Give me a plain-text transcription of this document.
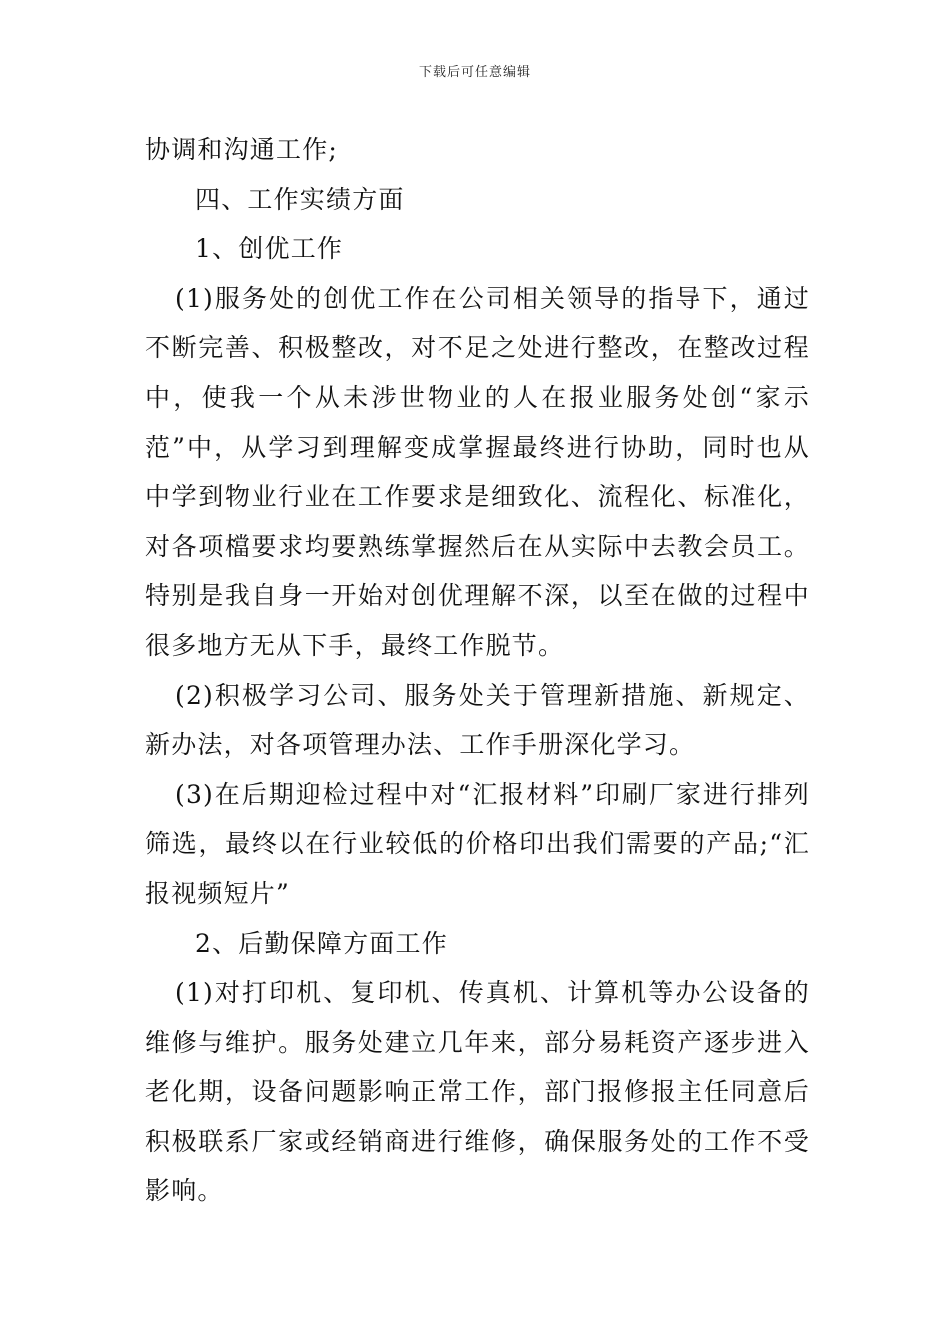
下载后可任意编辑

协调和沟通工作;

四、工作实绩方面

1、创优工作

(1)服务处的创优工作在公司相关领导的指导下，通过不断完善、积极整改，对不足之处进行整改，在整改过程中，使我一个从未涉世物业的人在报业服务处创“家示范”中，从学习到理解变成掌握最终进行协助，同时也从中学到物业行业在工作要求是细致化、流程化、标准化，对各项檔要求均要熟练掌握然后在从实际中去教会员工。特别是我自身一开始对创优理解不深，以至在做的过程中很多地方无从下手，最终工作脱节。

(2)积极学习公司、服务处关于管理新措施、新规定、新办法，对各项管理办法、工作手册深化学习。

(3)在后期迎检过程中对“汇报材料”印刷厂家进行排列筛选，最终以在行业较低的价格印出我们需要的产品;“汇报视频短片”

2、后勤保障方面工作

(1)对打印机、复印机、传真机、计算机等办公设备的维修与维护。服务处建立几年来，部分易耗资产逐步进入老化期，设备问题影响正常工作，部门报修报主任同意后积极联系厂家或经销商进行维修，确保服务处的工作不受影响。
